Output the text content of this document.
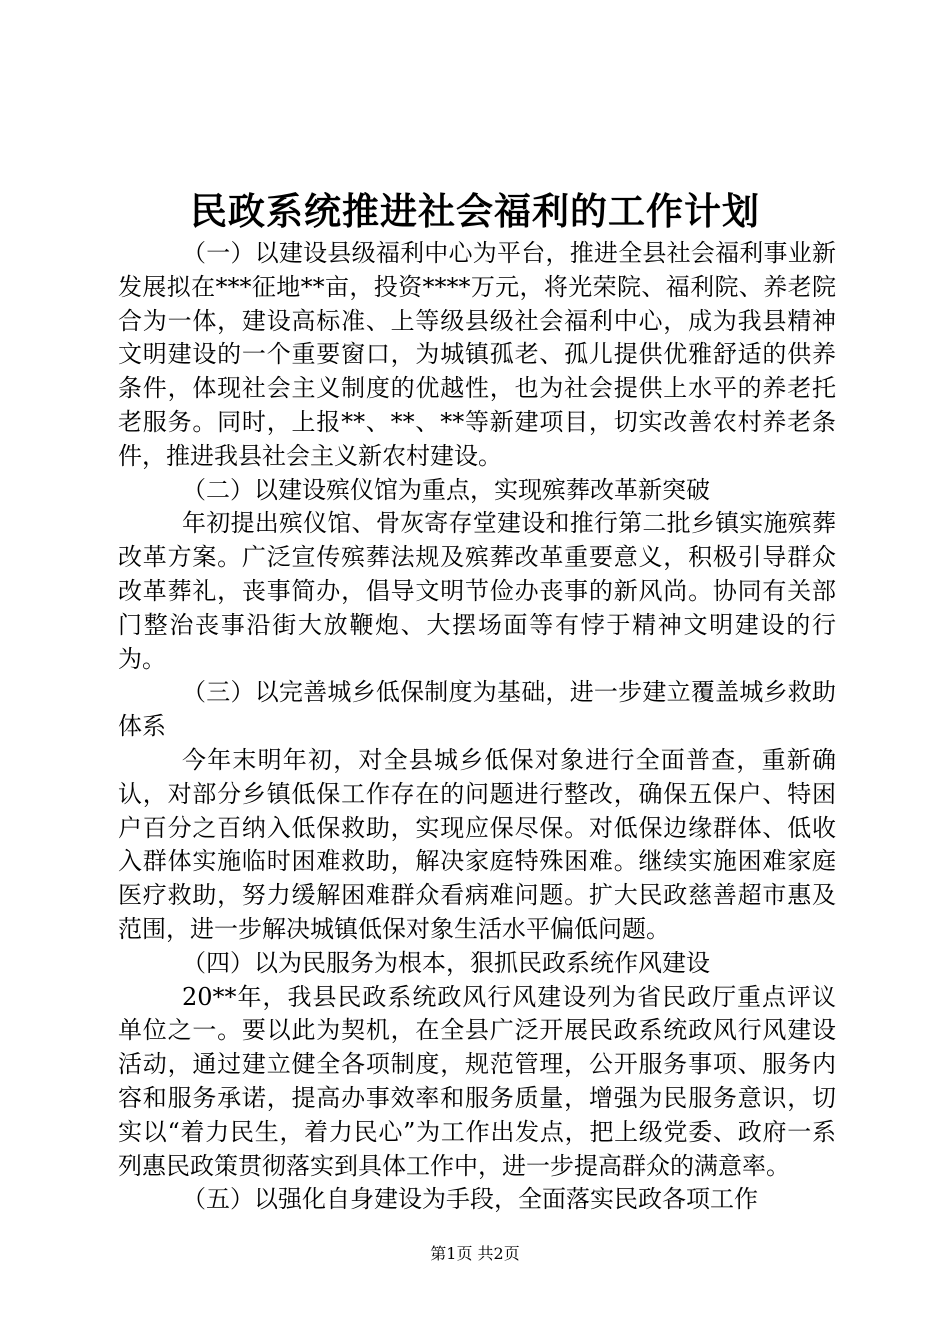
民政系统推进社会福利的工作计划

（一）以建设县级福利中心为平台，推进全县社会福利事业新发展拟在***征地**亩，投资****万元，将光荣院、福利院、养老院合为一体，建设高标准、上等级县级社会福利中心，成为我县精神文明建设的一个重要窗口，为城镇孤老、孤儿提供优雅舒适的供养条件，体现社会主义制度的优越性，也为社会提供上水平的养老托老服务。同时，上报**、**、**等新建项目，切实改善农村养老条件，推进我县社会主义新农村建设。

（二）以建设殡仪馆为重点，实现殡葬改革新突破

年初提出殡仪馆、骨灰寄存堂建设和推行第二批乡镇实施殡葬改革方案。广泛宣传殡葬法规及殡葬改革重要意义，积极引导群众改革葬礼，丧事简办，倡导文明节俭办丧事的新风尚。协同有关部门整治丧事沿街大放鞭炮、大摆场面等有悖于精神文明建设的行为。

（三）以完善城乡低保制度为基础，进一步建立覆盖城乡救助体系

今年末明年初，对全县城乡低保对象进行全面普查，重新确认，对部分乡镇低保工作存在的问题进行整改，确保五保户、特困户百分之百纳入低保救助，实现应保尽保。对低保边缘群体、低收入群体实施临时困难救助，解决家庭特殊困难。继续实施困难家庭医疗救助，努力缓解困难群众看病难问题。扩大民政慈善超市惠及范围，进一步解决城镇低保对象生活水平偏低问题。

（四）以为民服务为根本，狠抓民政系统作风建设

20**年，我县民政系统政风行风建设列为省民政厅重点评议单位之一。要以此为契机，在全县广泛开展民政系统政风行风建设活动，通过建立健全各项制度，规范管理，公开服务事项、服务内容和服务承诺，提高办事效率和服务质量，增强为民服务意识，切实以“着力民生，着力民心”为工作出发点，把上级党委、政府一系列惠民政策贯彻落实到具体工作中，进一步提高群众的满意率。

（五）以强化自身建设为手段，全面落实民政各项工作

第1页 共2页
